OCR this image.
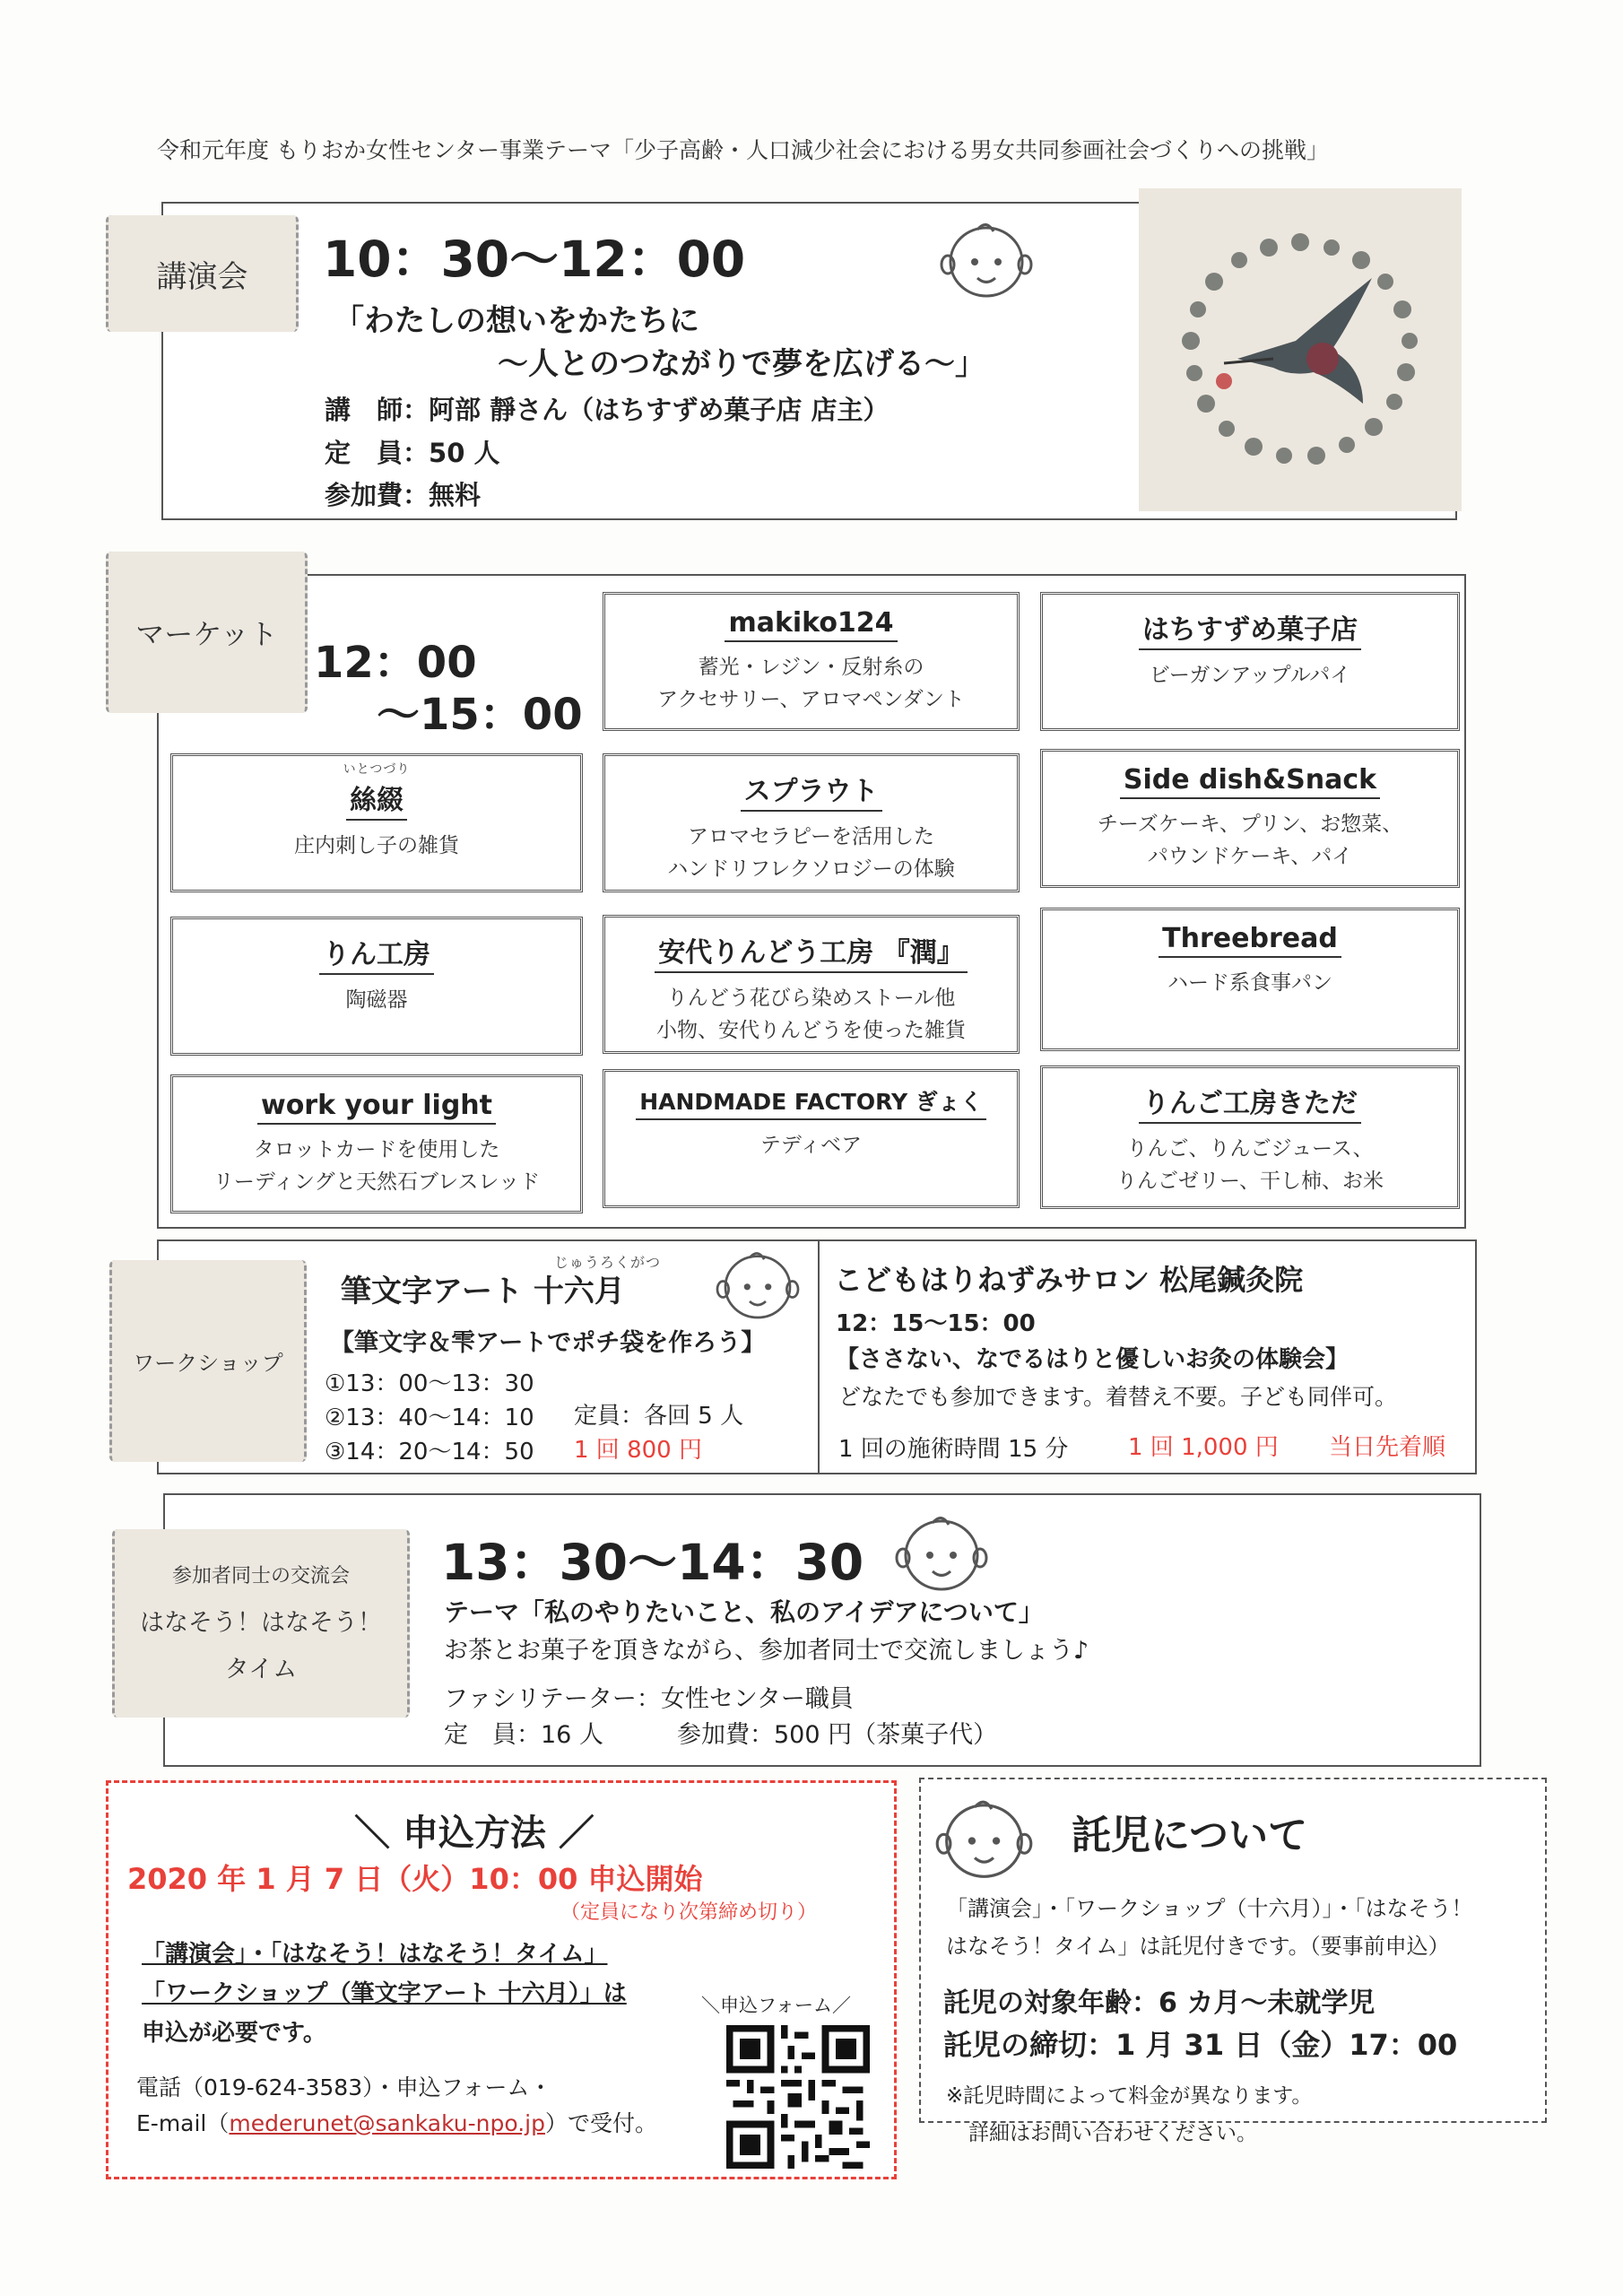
令和元年度 もりおか女性センター事業テーマ「少子高齢・人口減少社会における男女共同参画社会づくりへの挑戦」
講演会 10：30〜12：00
「わたしの想いをかたちに
〜人とのつながりで夢を広げる〜」
講　師：阿部 靜さん（はちすずめ菓子店 店主）
定　員：50 人
参加費：無料
マーケット
12：00
〜15：00
makiko124
蓄光・レジン・反射糸の
アクセサリー、アロマペンダント
はちすずめ菓子店
ビーガンアップルパイ
いとつづり
絲綴
庄内刺し子の雑貨
スプラウト
アロマセラピーを活用した
ハンドリフレクソロジーの体験
Side dish&Snack
チーズケーキ、プリン、お惣菜、
パウンドケーキ、パイ
りん工房
陶磁器
安代りんどう工房 『潤』
りんどう花びら染めストール他
小物、安代りんどうを使った雑貨
Threebread
ハード系食事パン
work your light
タロットカードを使用した
リーディングと天然石ブレスレッド
HANDMADE FACTORY ぎょく
テディベア
りんご工房きただ
りんご、りんごジュース、
りんごゼリー、干し柿、お米
ワークショップ
じゅうろくがつ
筆文字アート 十六月
【筆文字＆雫アートでポチ袋を作ろう】
①13：00〜13：30
②13：40〜14：10 定員：各回 5 人
③14：20〜14：50 1 回 800 円
こどもはりねずみサロン 松尾鍼灸院
12：15〜15：00
【ささない、なでるはりと優しいお灸の体験会】
どなたでも参加できます。着替え不要。子ども同伴可。
1 回の施術時間 15 分	1 回 1,000 円 当日先着順
参加者同士の交流会
はなそう！はなそう！
タイム
13：30〜14：30
テーマ「私のやりたいこと、私のアイデアについて」
お茶とお菓子を頂きながら、参加者同士で交流しましょう♪
ファシリテーター：女性センター職員
定　員：16 人	参加費：500 円（茶菓子代）
＼ 申込方法 ／
2020 年 1 月 7 日（火）10：00 申込開始
（定員になり次第締め切り）
「講演会」・「はなそう！はなそう！タイム」
「ワークショップ（筆文字アート 十六月）」は
申込が必要です。
電話（019-624-3583）・申込フォーム・
E-mail（mederunet@sankaku-npo.jp）で受付。
＼申込フォーム／
託児について
「講演会」・「ワークショップ（十六月）」・「はなそう！
はなそう！タイム」は託児付きです。（要事前申込）
託児の対象年齢：6 カ月〜未就学児
託児の締切：1 月 31 日（金）17：00
※託児時間によって料金が異なります。
詳細はお問い合わせください。
